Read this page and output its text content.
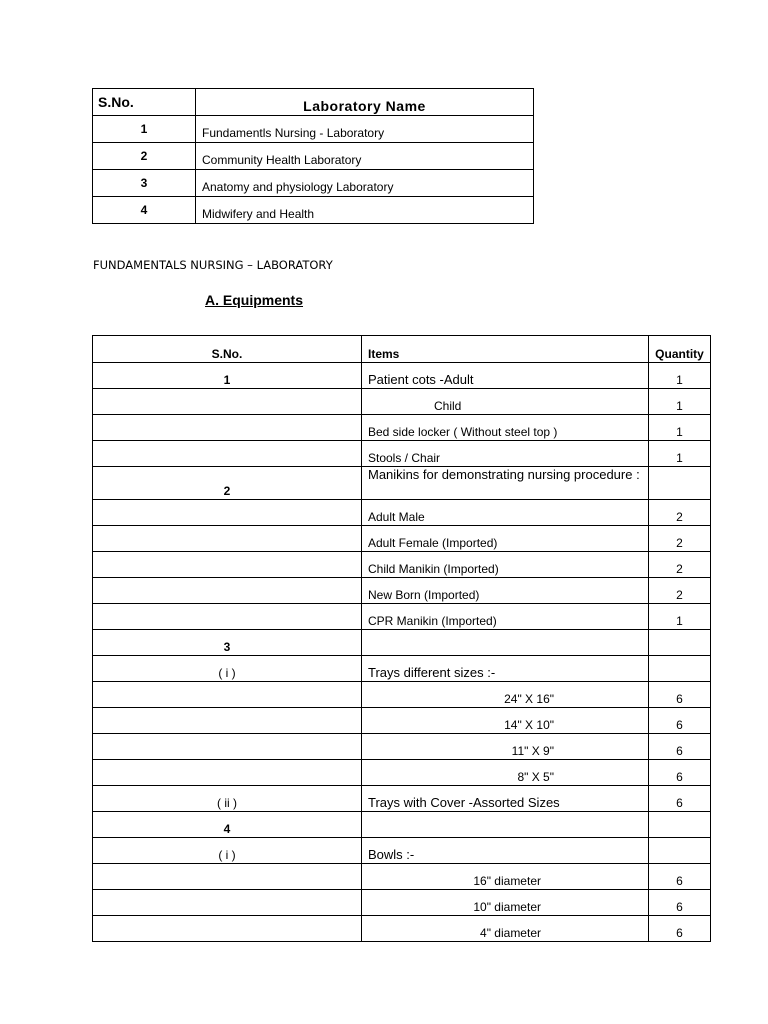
S.No.	Laboratory Name
1	Fundamentls Nursing - Laboratory
2	Community Health Laboratory
3	Anatomy and physiology Laboratory
4	Midwifery and Health
FUNDAMENTALS NURSING – LABORATORY
A. Equipments
S.No.	Items	Quantity
1	Patient cots -Adult	1
	Child	1
	Bed side locker ( Without steel top )	1
	Stools / Chair	1
2	Manikins for demonstrating nursing procedure :	
	Adult Male	2
	Adult Female (Imported)	2
	Child Manikin (Imported)	2
	New Born (Imported)	2
	CPR Manikin (Imported)	1
3		
( i )	Trays different sizes :-	
	24" X 16"	6
	14" X 10"	6
	11" X 9"	6
	8" X 5"	6
( ii )	Trays with Cover -Assorted Sizes	6
4		
( i )	Bowls :-	
	16" diameter	6
	10" diameter	6
	4" diameter	6
